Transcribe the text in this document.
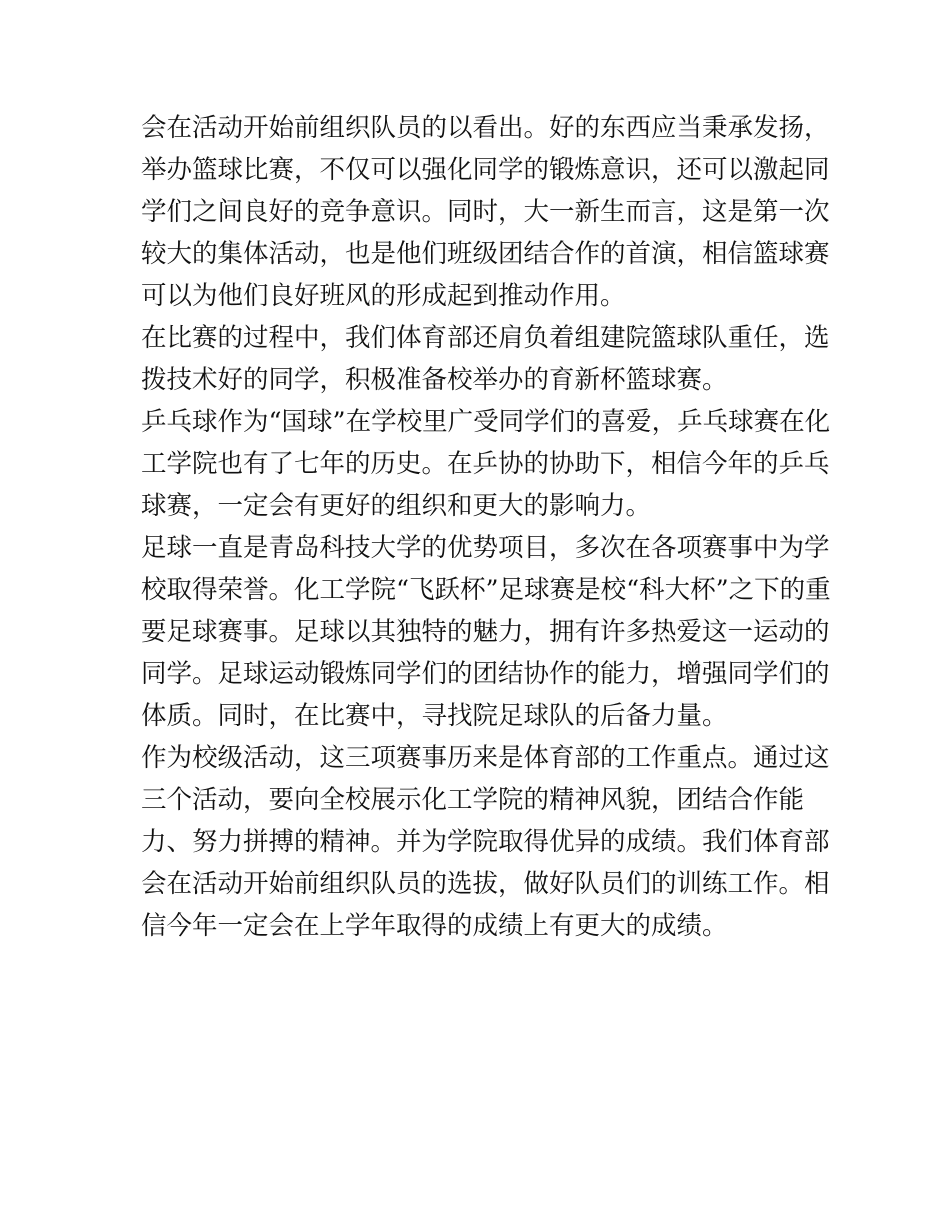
会在活动开始前组织队员的以看出。好的东西应当秉承发扬，
举办篮球比赛，不仅可以强化同学的锻炼意识，还可以激起同
学们之间良好的竞争意识。同时，大一新生而言，这是第一次
较大的集体活动，也是他们班级团结合作的首演，相信篮球赛
可以为他们良好班风的形成起到推动作用。
在比赛的过程中，我们体育部还肩负着组建院篮球队重任，选
拨技术好的同学，积极准备校举办的育新杯篮球赛。
乒乓球作为“国球”在学校里广受同学们的喜爱，乒乓球赛在化
工学院也有了七年的历史。在乒协的协助下，相信今年的乒乓
球赛，一定会有更好的组织和更大的影响力。
足球一直是青岛科技大学的优势项目，多次在各项赛事中为学
校取得荣誉。化工学院“飞跃杯”足球赛是校“科大杯”之下的重
要足球赛事。足球以其独特的魅力，拥有许多热爱这一运动的
同学。足球运动锻炼同学们的团结协作的能力，增强同学们的
体质。同时，在比赛中，寻找院足球队的后备力量。
作为校级活动，这三项赛事历来是体育部的工作重点。通过这
三个活动，要向全校展示化工学院的精神风貌，团结合作能
力、努力拼搏的精神。并为学院取得优异的成绩。我们体育部
会在活动开始前组织队员的选拔，做好队员们的训练工作。相
信今年一定会在上学年取得的成绩上有更大的成绩。
